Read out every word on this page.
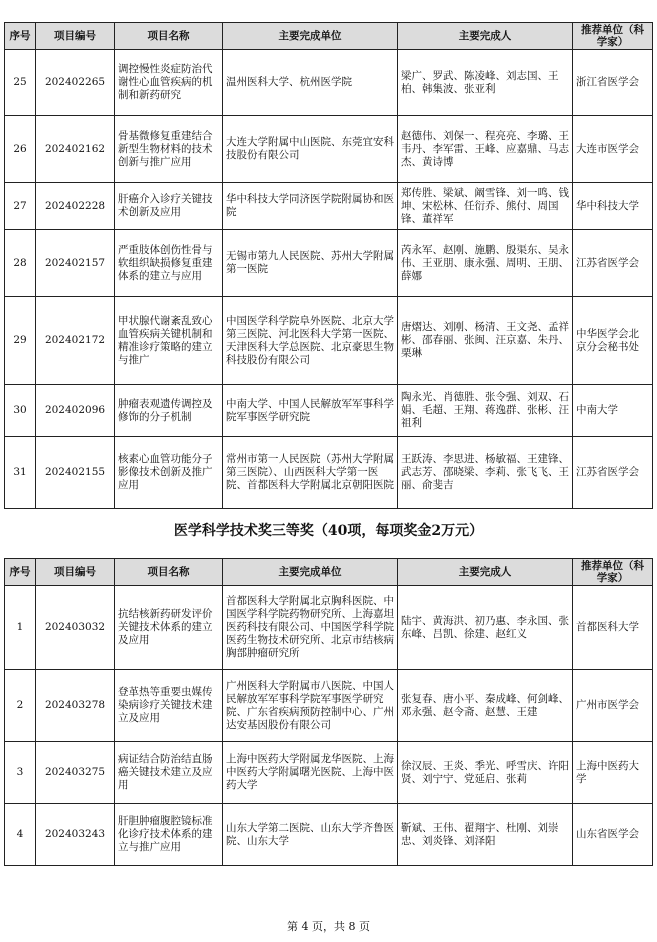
序号	项目编号	项目名称	主要完成单位	主要完成人	推荐单位（科学家）
25	202402265	调控慢性炎症防治代谢性心血管疾病的机制和新药研究	温州医科大学、杭州医学院	梁广、罗武、陈凌峰、刘志国、王柏、韩集波、张亚利	浙江省医学会
26	202402162	骨基微修复重建结合新型生物材料的技术创新与推广应用	大连大学附属中山医院、东莞宜安科技股份有限公司	赵德伟、刘保一、程亮亮、李璐、王韦丹、李军雷、王峰、应嘉鼎、马志杰、黄诗博	大连市医学会
27	202402228	肝癌介入诊疗关键技术创新及应用	华中科技大学同济医学院附属协和医院	郑传胜、梁斌、阚雪锋、刘一鸣、钱坤、宋松林、任衍乔、熊付、周国锋、董祥军	华中科技大学
28	202402157	严重肢体创伤性骨与软组织缺损修复重建体系的建立与应用	无锡市第九人民医院、苏州大学附属第一医院	芮永军、赵刚、施鹏、殷渠东、吴永伟、王亚朋、康永强、周明、王朋、薛娜	江苏省医学会
29	202402172	甲状腺代谢紊乱致心血管疾病关键机制和精准诊疗策略的建立与推广	中国医学科学院阜外医院、北京大学第三医院、河北医科大学第一医院、天津医科大学总医院、北京豪思生物科技股份有限公司	唐熠达、刘刚、杨清、王文尧、孟祥彬、邵春丽、张闽、汪京嘉、朱丹、栗琳	中华医学会北京分会秘书处
30	202402096	肿瘤表观遗传调控及修饰的分子机制	中南大学、中国人民解放军军事科学院军事医学研究院	陶永光、肖德胜、张令强、刘双、石娟、毛超、王翔、蒋逸群、张彬、汪祖利	中南大学
31	202402155	核素心血管功能分子影像技术创新及推广应用	常州市第一人民医院（苏州大学附属第三医院）、山西医科大学第一医院、首都医科大学附属北京朝阳医院	王跃涛、李思进、杨敏福、王建锋、武志芳、邵晓梁、李莉、张飞飞、王丽、俞斐吉	江苏省医学会
医学科学技术奖三等奖（40项，每项奖金2万元）
序号	项目编号	项目名称	主要完成单位	主要完成人	推荐单位（科学家）
1	202403032	抗结核新药研发评价关键技术体系的建立及应用	首都医科大学附属北京胸科医院、中国医学科学院药物研究所、上海嘉坦医药科技有限公司、中国医学科学院医药生物技术研究所、北京市结核病胸部肿瘤研究所	陆宇、黄海洪、初乃惠、李永国、张东峰、吕凯、徐建、赵红义	首都医科大学
2	202403278	登革热等重要虫媒传染病诊疗关键技术建立及应用	广州医科大学附属市八医院、中国人民解放军军事科学院军事医学研究院、广东省疾病预防控制中心、广州达安基因股份有限公司	张复春、唐小平、秦成峰、何剑峰、邓永强、赵令斋、赵慧、王建	广州市医学会
3	202403275	病证结合防治结直肠癌关键技术建立及应用	上海中医药大学附属龙华医院、上海中医药大学附属曙光医院、上海中医药大学	徐汉辰、王炎、季光、呼雪庆、许阳贤、刘宁宁、党延启、张莉	上海中医药大学
4	202403243	肝胆肿瘤腹腔镜标准化诊疗技术体系的建立与推广应用	山东大学第二医院、山东大学齐鲁医院、山东大学	靳斌、王伟、翟翔宇、杜刚、刘崇忠、刘炎锋、刘泽阳	山东省医学会
第 4 页，共 8 页
